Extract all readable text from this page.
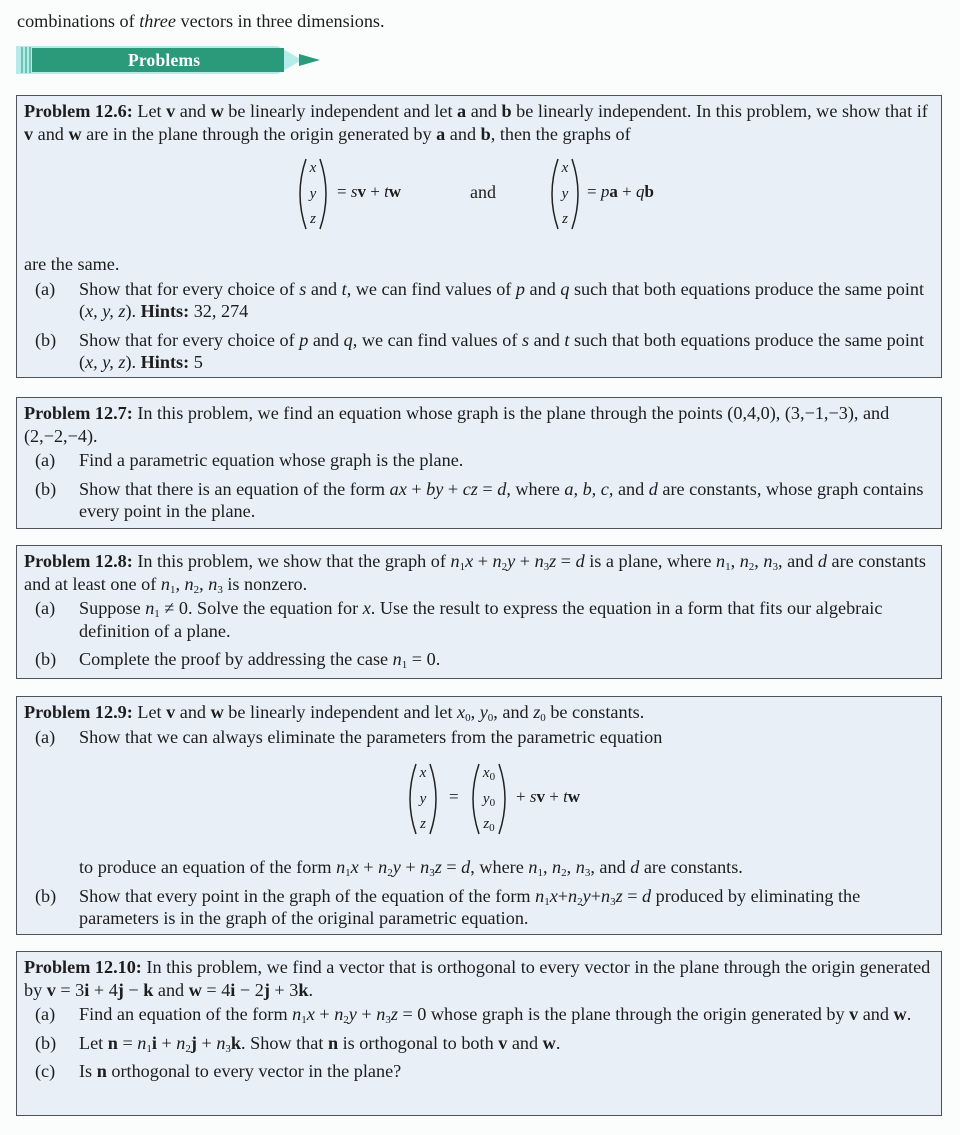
combinations of three vectors in three dimensions.
Problems

Problem 12.6: Let v and w be linearly independent and let a and b be linearly independent. In this problem, we show that if v and w are in the plane through the origin generated by a and b, then the graphs of

x
y
z
= sv + tw	and
x
y
z
= pa + qb

are the same.

(a) Show that for every choice of s and t, we can find values of p and q such that both equations produce the same point (x, y, z). Hints: 32, 274
(b) Show that for every choice of p and q, we can find values of s and t such that both equations produce the same point (x, y, z). Hints: 5

Problem 12.7: In this problem, we find an equation whose graph is the plane through the points (0,4,0), (3,−1,−3), and (2,−2,−4).

(a) Find a parametric equation whose graph is the plane.
(b) Show that there is an equation of the form ax + by + cz = d, where a, b, c, and d are constants, whose graph contains every point in the plane.

Problem 12.8: In this problem, we show that the graph of $n_1x + n_2y + n_3z = d$ is a plane, where $n_1$, $n_2$, $n_3$, and d are constants and at least one of $n_1$, $n_2$, $n_3$ is nonzero.

(a) Suppose $n_1 \ne 0$. Solve the equation for x. Use the result to express the equation in a form that fits our algebraic definition of a plane.
(b) Complete the proof by addressing the case $n_1 = 0$.

Problem 12.9: Let v and w be linearly independent and let $x_0$, $y_0$, and $z_0$ be constants.

(a) Show that we can always eliminate the parameters from the parametric equation
x
y
z
=
$x_0$
$y_0$
$z_0$
+ sv + tw
to produce an equation of the form $n_1x + n_2y + n_3z = d$, where $n_1$, $n_2$, $n_3$, and d are constants.
(b) Show that every point in the graph of the equation of the form $n_1x+n_2y+n_3z = d$ produced by eliminating the parameters is in the graph of the original parametric equation.

Problem 12.10: In this problem, we find a vector that is orthogonal to every vector in the plane through the origin generated by v = 3i + 4j − k and w = 4i − 2j + 3k.

(a) Find an equation of the form $n_1x + n_2y + n_3z = 0$ whose graph is the plane through the origin generated by v and w.
(b) Let $n = n_1i + n_2j + n_3k$. Show that n is orthogonal to both v and w.
(c) Is n orthogonal to every vector in the plane?
